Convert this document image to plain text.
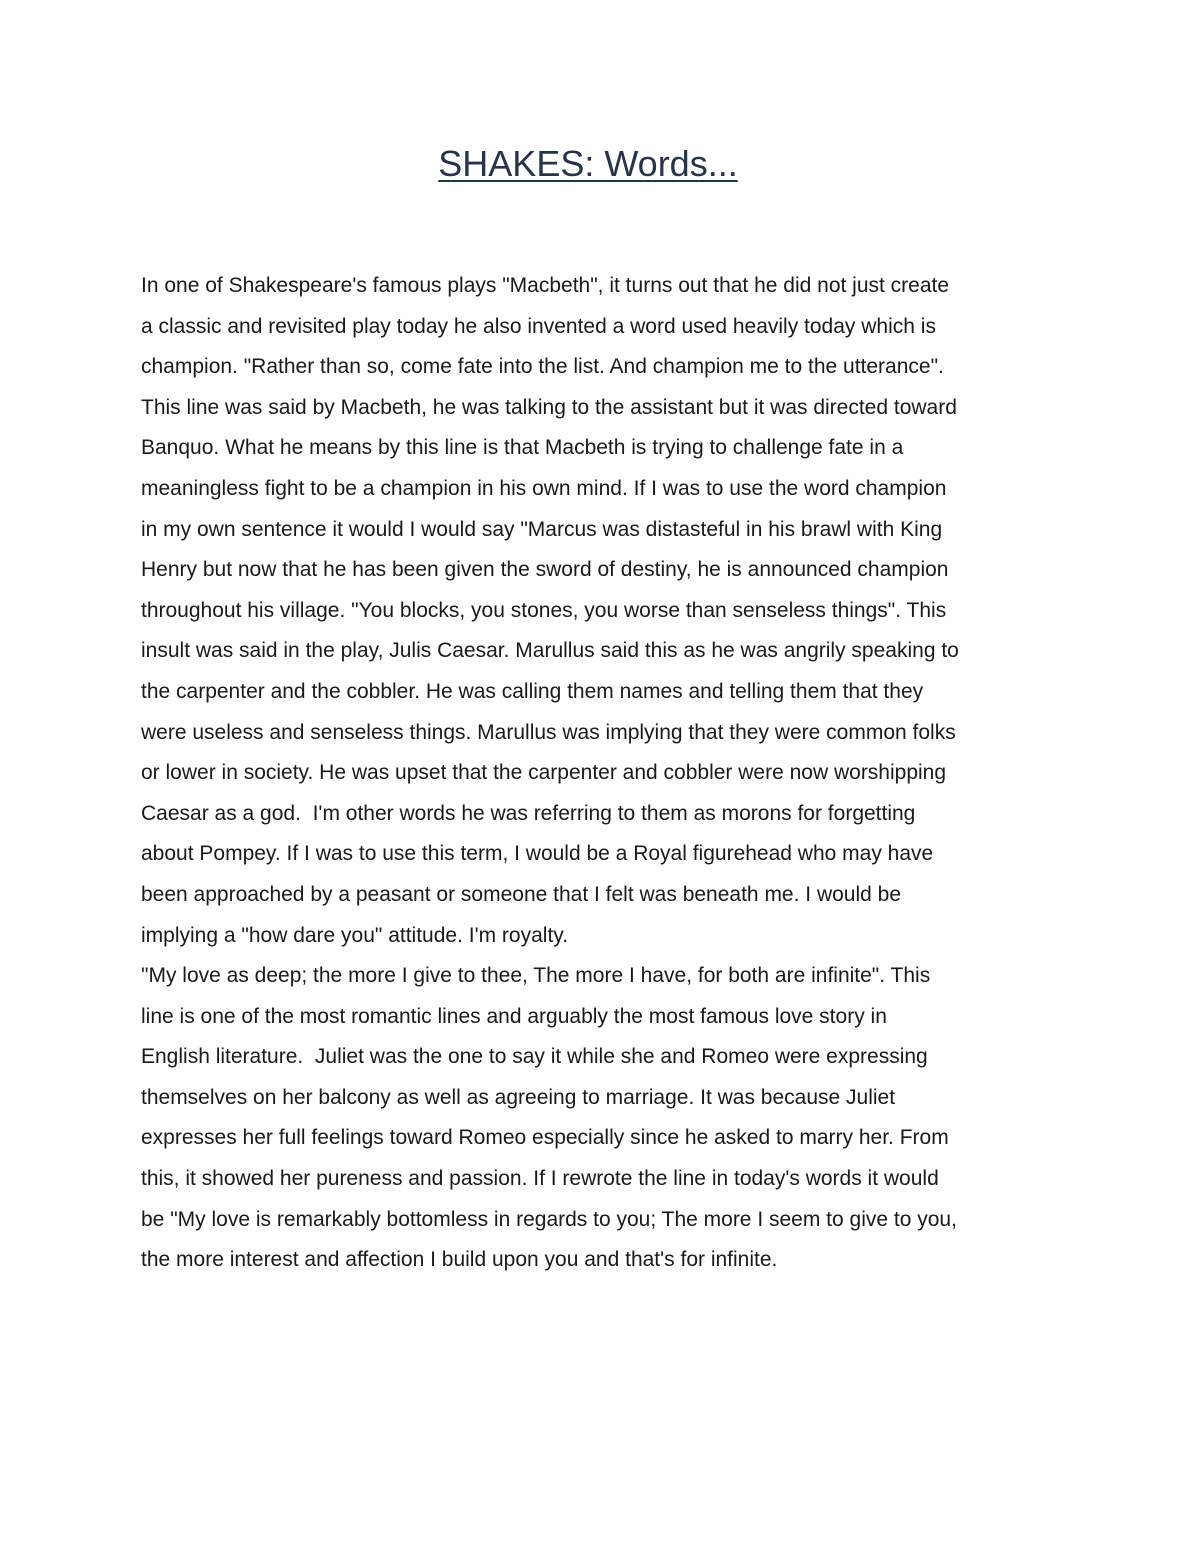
SHAKES: Words...
In one of Shakespeare's famous plays "Macbeth", it turns out that he did not just create
a classic and revisited play today he also invented a word used heavily today which is
champion. "Rather than so, come fate into the list. And champion me to the utterance".
This line was said by Macbeth, he was talking to the assistant but it was directed toward
Banquo. What he means by this line is that Macbeth is trying to challenge fate in a
meaningless fight to be a champion in his own mind. If I was to use the word champion
in my own sentence it would I would say "Marcus was distasteful in his brawl with King
Henry but now that he has been given the sword of destiny, he is announced champion
throughout his village. "You blocks, you stones, you worse than senseless things". This
insult was said in the play, Julis Caesar. Marullus said this as he was angrily speaking to
the carpenter and the cobbler. He was calling them names and telling them that they
were useless and senseless things. Marullus was implying that they were common folks
or lower in society. He was upset that the carpenter and cobbler were now worshipping
Caesar as a god.  I'm other words he was referring to them as morons for forgetting
about Pompey. If I was to use this term, I would be a Royal figurehead who may have
been approached by a peasant or someone that I felt was beneath me. I would be
implying a "how dare you" attitude. I'm royalty.
"My love as deep; the more I give to thee, The more I have, for both are infinite". This
line is one of the most romantic lines and arguably the most famous love story in
English literature.  Juliet was the one to say it while she and Romeo were expressing
themselves on her balcony as well as agreeing to marriage. It was because Juliet
expresses her full feelings toward Romeo especially since he asked to marry her. From
this, it showed her pureness and passion. If I rewrote the line in today's words it would
be "My love is remarkably bottomless in regards to you; The more I seem to give to you,
the more interest and affection I build upon you and that's for infinite.
